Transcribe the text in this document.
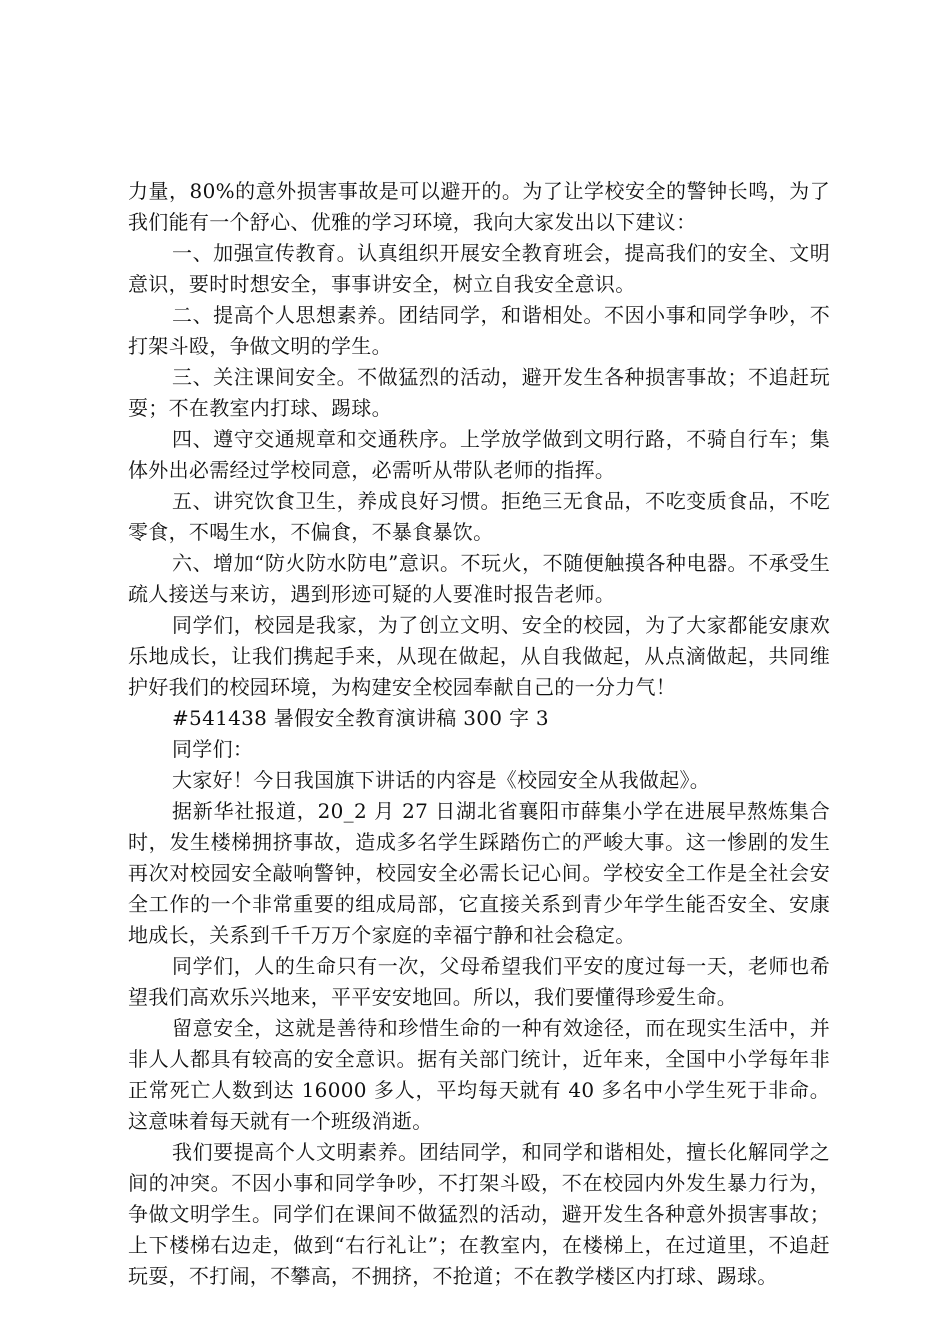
力量，80%的意外损害事故是可以避开的。为了让学校安全的警钟长鸣，为了我们能有一个舒心、优雅的学习环境，我向大家发出以下建议：

一、加强宣传教育。认真组织开展安全教育班会，提高我们的安全、文明意识，要时时想安全，事事讲安全，树立自我安全意识。

二、提高个人思想素养。团结同学，和谐相处。不因小事和同学争吵，不打架斗殴，争做文明的学生。

三、关注课间安全。不做猛烈的活动，避开发生各种损害事故；不追赶玩耍；不在教室内打球、踢球。

四、遵守交通规章和交通秩序。上学放学做到文明行路，不骑自行车；集体外出必需经过学校同意，必需听从带队老师的指挥。

五、讲究饮食卫生，养成良好习惯。拒绝三无食品，不吃变质食品，不吃零食，不喝生水，不偏食，不暴食暴饮。

六、增加“防火防水防电”意识。不玩火，不随便触摸各种电器。不承受生疏人接送与来访，遇到形迹可疑的人要准时报告老师。

同学们，校园是我家，为了创立文明、安全的校园，为了大家都能安康欢乐地成长，让我们携起手来，从现在做起，从自我做起，从点滴做起，共同维护好我们的校园环境，为构建安全校园奉献自己的一分力气！

#541438 暑假安全教育演讲稿 300 字 3

同学们：

大家好！今日我国旗下讲话的内容是《校园安全从我做起》。

据新华社报道，20_2 月 27 日湖北省襄阳市薛集小学在进展早熬炼集合时，发生楼梯拥挤事故，造成多名学生踩踏伤亡的严峻大事。这一惨剧的发生再次对校园安全敲响警钟，校园安全必需长记心间。学校安全工作是全社会安全工作的一个非常重要的组成局部，它直接关系到青少年学生能否安全、安康地成长，关系到千千万万个家庭的幸福宁静和社会稳定。

同学们，人的生命只有一次，父母希望我们平安的度过每一天，老师也希望我们高欢乐兴地来，平平安安地回。所以，我们要懂得珍爱生命。

留意安全，这就是善待和珍惜生命的一种有效途径，而在现实生活中，并非人人都具有较高的安全意识。据有关部门统计，近年来，全国中小学每年非正常死亡人数到达 16000 多人，平均每天就有 40 多名中小学生死于非命。这意味着每天就有一个班级消逝。

我们要提高个人文明素养。团结同学，和同学和谐相处，擅长化解同学之间的冲突。不因小事和同学争吵，不打架斗殴，不在校园内外发生暴力行为，争做文明学生。同学们在课间不做猛烈的活动，避开发生各种意外损害事故；上下楼梯右边走，做到“右行礼让”；在教室内，在楼梯上，在过道里，不追赶玩耍，不打闹，不攀高，不拥挤，不抢道；不在教学楼区内打球、踢球。
